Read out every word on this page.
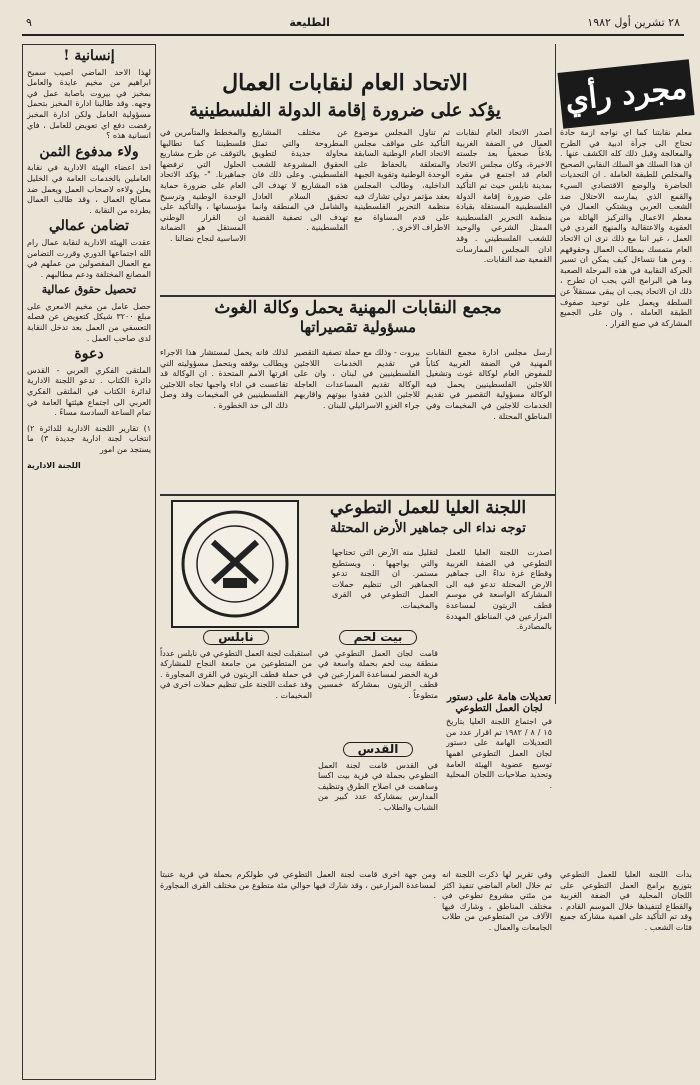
٢٨ تشرين أول ١٩٨٢
الطليعة
٩
مجرد رأي

معلم نقابتنا كما اي نواجه ازمة حادة تحتاج الى جرأة ادبية في الطرح والمعالجة وقبل ذلك كله الكشف عنها . ان هذا السلك هو السلك النقابي الصحيح والمخلص للطبقة العاملة . ان التحديات الحاضرة والوضع الاقتصادي السيء والقمع الذي يمارسه الاحتلال ضد الشعب العربي ويشتكي العمال في معظم الاعمال والتركيز الهائلة من العقوبة والاعتقالية والمنهج الفردي في العمل ، غير اننا مع ذلك نرى ان الاتحاد العام متمسك بمطالب العمال وحقوقهم . ومن هنا نتساءل كيف يمكن ان تسير الحركة النقابية في هذه المرحلة الصعبة وما هي البرامج التي يجب ان تطرح ، ذلك ان الاتحاد يجب ان يبقى مستقلاً عن السلطة ويعمل على توحيد صفوف الطبقة العاملة ، وان على الجميع المشاركة في صنع القرار .

الاتحاد العام لنقابات العمال
يؤكد على ضرورة إقامة الدولة الفلسطينية

أصدر الاتحاد العام لنقابات العمال في الضفة الغربية بلاغاً صحفياً بعد جلسته الاخيرة، وكان مجلس الاتحاد العام قد اجتمع في مقره بمدينة نابلس حيث تم التأكيد على ضرورة إقامة الدولة الفلسطينية المستقلة بقيادة منظمة التحرير الفلسطينية الممثل الشرعي والوحيد للشعب الفلسطيني . وقد ادان المجلس الممارسات القمعية ضد النقابات.

ثم تناول المجلس موضوع التأكيد على مواقف مجلس الاتحاد العام الوطنية السابقة والمتعلقة بالحفاظ على الوحدة الوطنية وتقوية الجبهة الداخلية، وطالب المجلس بعقد مؤتمر دولي تشارك فيه منظمة التحرير الفلسطينية على قدم المساواة مع الاطراف الاخرى .

عن مختلف المشاريع المطروحة والتي تمثل محاولة جديدة لتطويق الحقوق المشروعة للشعب الفلسطيني. وعلى ذلك فان هذه المشاريع لا تهدف الى تحقيق السلام العادل والشامل في المنطقة وانما تهدف الى تصفية القضية الفلسطينية .

والمخطط والمتآمرين في فلسطيننا كما تطالبها بالتوقف عن طرح مشاريع الحلول التي ترفضها جماهيرنا. "- يؤكد الاتحاد العام على ضرورة حماية الوحدة الوطنية وترسيخ مؤسساتها ، والتأكيد على ان القرار الوطني المستقل هو الضمانة الاساسية لنجاح نضالنا .

مجمع النقابات المهنية يحمل وكالة الغوث
مسؤولية تقصيراتها

أرسل مجلس ادارة مجمع النقابات المهنية في الضفة الغربية كتاباً للمفوض العام لوكالة غوث وتشغيل اللاجئين الفلسطينيين يحمل فيه الوكالة مسؤولية التقصير في تقديم الخدمات للاجئين في المخيمات وفي المناطق المحتلة .

بيروت - وذلك مع حملة تصفية التقصير في تقديم الخدمات اللاجئين الفلسطينيين في لبنان ، وان على الوكالة تقديم المساعدات العاجلة للاجئين الذين فقدوا بيوتهم واقاربهم جراء الغزو الاسرائيلي للبنان .

لذلك فانه يحمل لمستشار هذا الاجراء ويطالب بوقفه وبتحمل مسؤوليته التي اقرتها الامم المتحدة . ان الوكالة قد تقاعست في اداء واجبها تجاه اللاجئين الفلسطينيين في المخيمات وقد وصل ذلك الى حد الخطورة .

اللجنة العليا للعمل التطوعي
توجه نداء الى جماهير الأرض المحتلة

اصدرت اللجنة العليا للعمل التطوعي في الضفة الغربية وقطاع غزة نداءً الى جماهير الارض المحتلة تدعو فيه الى المشاركة الواسعة في موسم قطف الزيتون لمساعدة المزارعين في المناطق المهددة بالمصادرة.

لتقليل منه الأرض التي تحتاجها والتي يواجهها ، ويستطيع مستمر. ان اللجنة تدعو الجماهير الى تنظيم حملات العمل التطوعي في القرى والمخيمات.

بيت لحم

قامت لجان العمل التطوعي في منطقة بيت لحم بحملة واسعة في قرية الخضر لمساعدة المزارعين في قطف الزيتون بمشاركة خمسين متطوعاً .

نابلس

استقبلت لجنة العمل التطوعي في نابلس عدداً من المتطوعين من جامعة النجاح للمشاركة في حملة قطف الزيتون في القرى المجاورة . وقد عملت اللجنة على تنظيم حملات اخرى في المخيمات .

القدس

في القدس قامت لجنة العمل التطوعي بحملة في قرية بيت اكسا وساهمت في اصلاح الطرق وتنظيف المدارس بمشاركة عدد كبير من الشباب والطلاب .

تعديلات هامة على دستور لجان العمل التطوعي

في اجتماع اللجنة العليا بتاريخ ١٥ / ٨ / ١٩٨٢ تم اقرار عدد من التعديلات الهامة على دستور لجان العمل التطوعي اهمها توسيع عضوية الهيئة العامة وتحديد صلاحيات اللجان المحلية .

بدأت اللجنة العليا للعمل التطوعي بتوزيع برامج العمل التطوعي على اللجان المحلية في الضفة الغربية والقطاع لتنفيذها خلال الموسم القادم ، وقد تم التأكيد على اهمية مشاركة جميع فئات الشعب .

وفي تقرير لها ذكرت اللجنة انه تم خلال العام الماضي تنفيذ اكثر من مئتي مشروع تطوعي في مختلف المناطق ، وشارك فيها الآلاف من المتطوعين من طلاب الجامعات والعمال .

ومن جهة اخرى قامت لجنة العمل التطوعي في طولكرم بحملة في قرية عنبتا لمساعدة المزارعين ، وقد شارك فيها حوالي مئة متطوع من مختلف القرى المجاورة .

إنسانية !

لهذا الاحد الماضي اصيب سميح ابراهيم من مخيم عايدة والعامل بمخبز في بيروت باصابة عمل في وجهه. وقد طالبنا ادارة المخبز بتحمل مسؤولية العامل ولكن ادارة المخبز رفضت دفع اي تعويض للعامل ، فاي انسانية هذه ؟

ولاء مدفوع الثمن

احد اعضاء الهيئة الادارية في نقابة العاملين بالخدمات العامة في الخليل يعلن ولاءه لاصحاب العمل ويعمل ضد مصالح العمال ، وقد طالب العمال بطرده من النقابة .

تضامن عمالي

عقدت الهيئة الادارية لنقابة عمال رام الله اجتماعها الدوري وقررت التضامن مع العمال المفصولين من عملهم في المصانع المختلفة ودعم مطالبهم .

تحصيل حقوق عمالية

حصل عامل من مخيم الامعري على مبلغ ٣٢٠٠ شيكل كتعويض عن فصله التعسفي من العمل بعد تدخل النقابة لدى صاحب العمل .

دعوة

الملتقى الفكري العربي - القدس دائرة الكتاب . تدعو اللجنة الادارية لدائرة الكتاب في الملتقى الفكري العربي الى اجتماع هيئتها العامة في تمام الساعة السادسة مساءً .

١) تقارير اللجنة الادارية للدائرة ٢) انتخاب لجنة ادارية جديدة ٣) ما يستجد من امور

اللجنة الادارية
